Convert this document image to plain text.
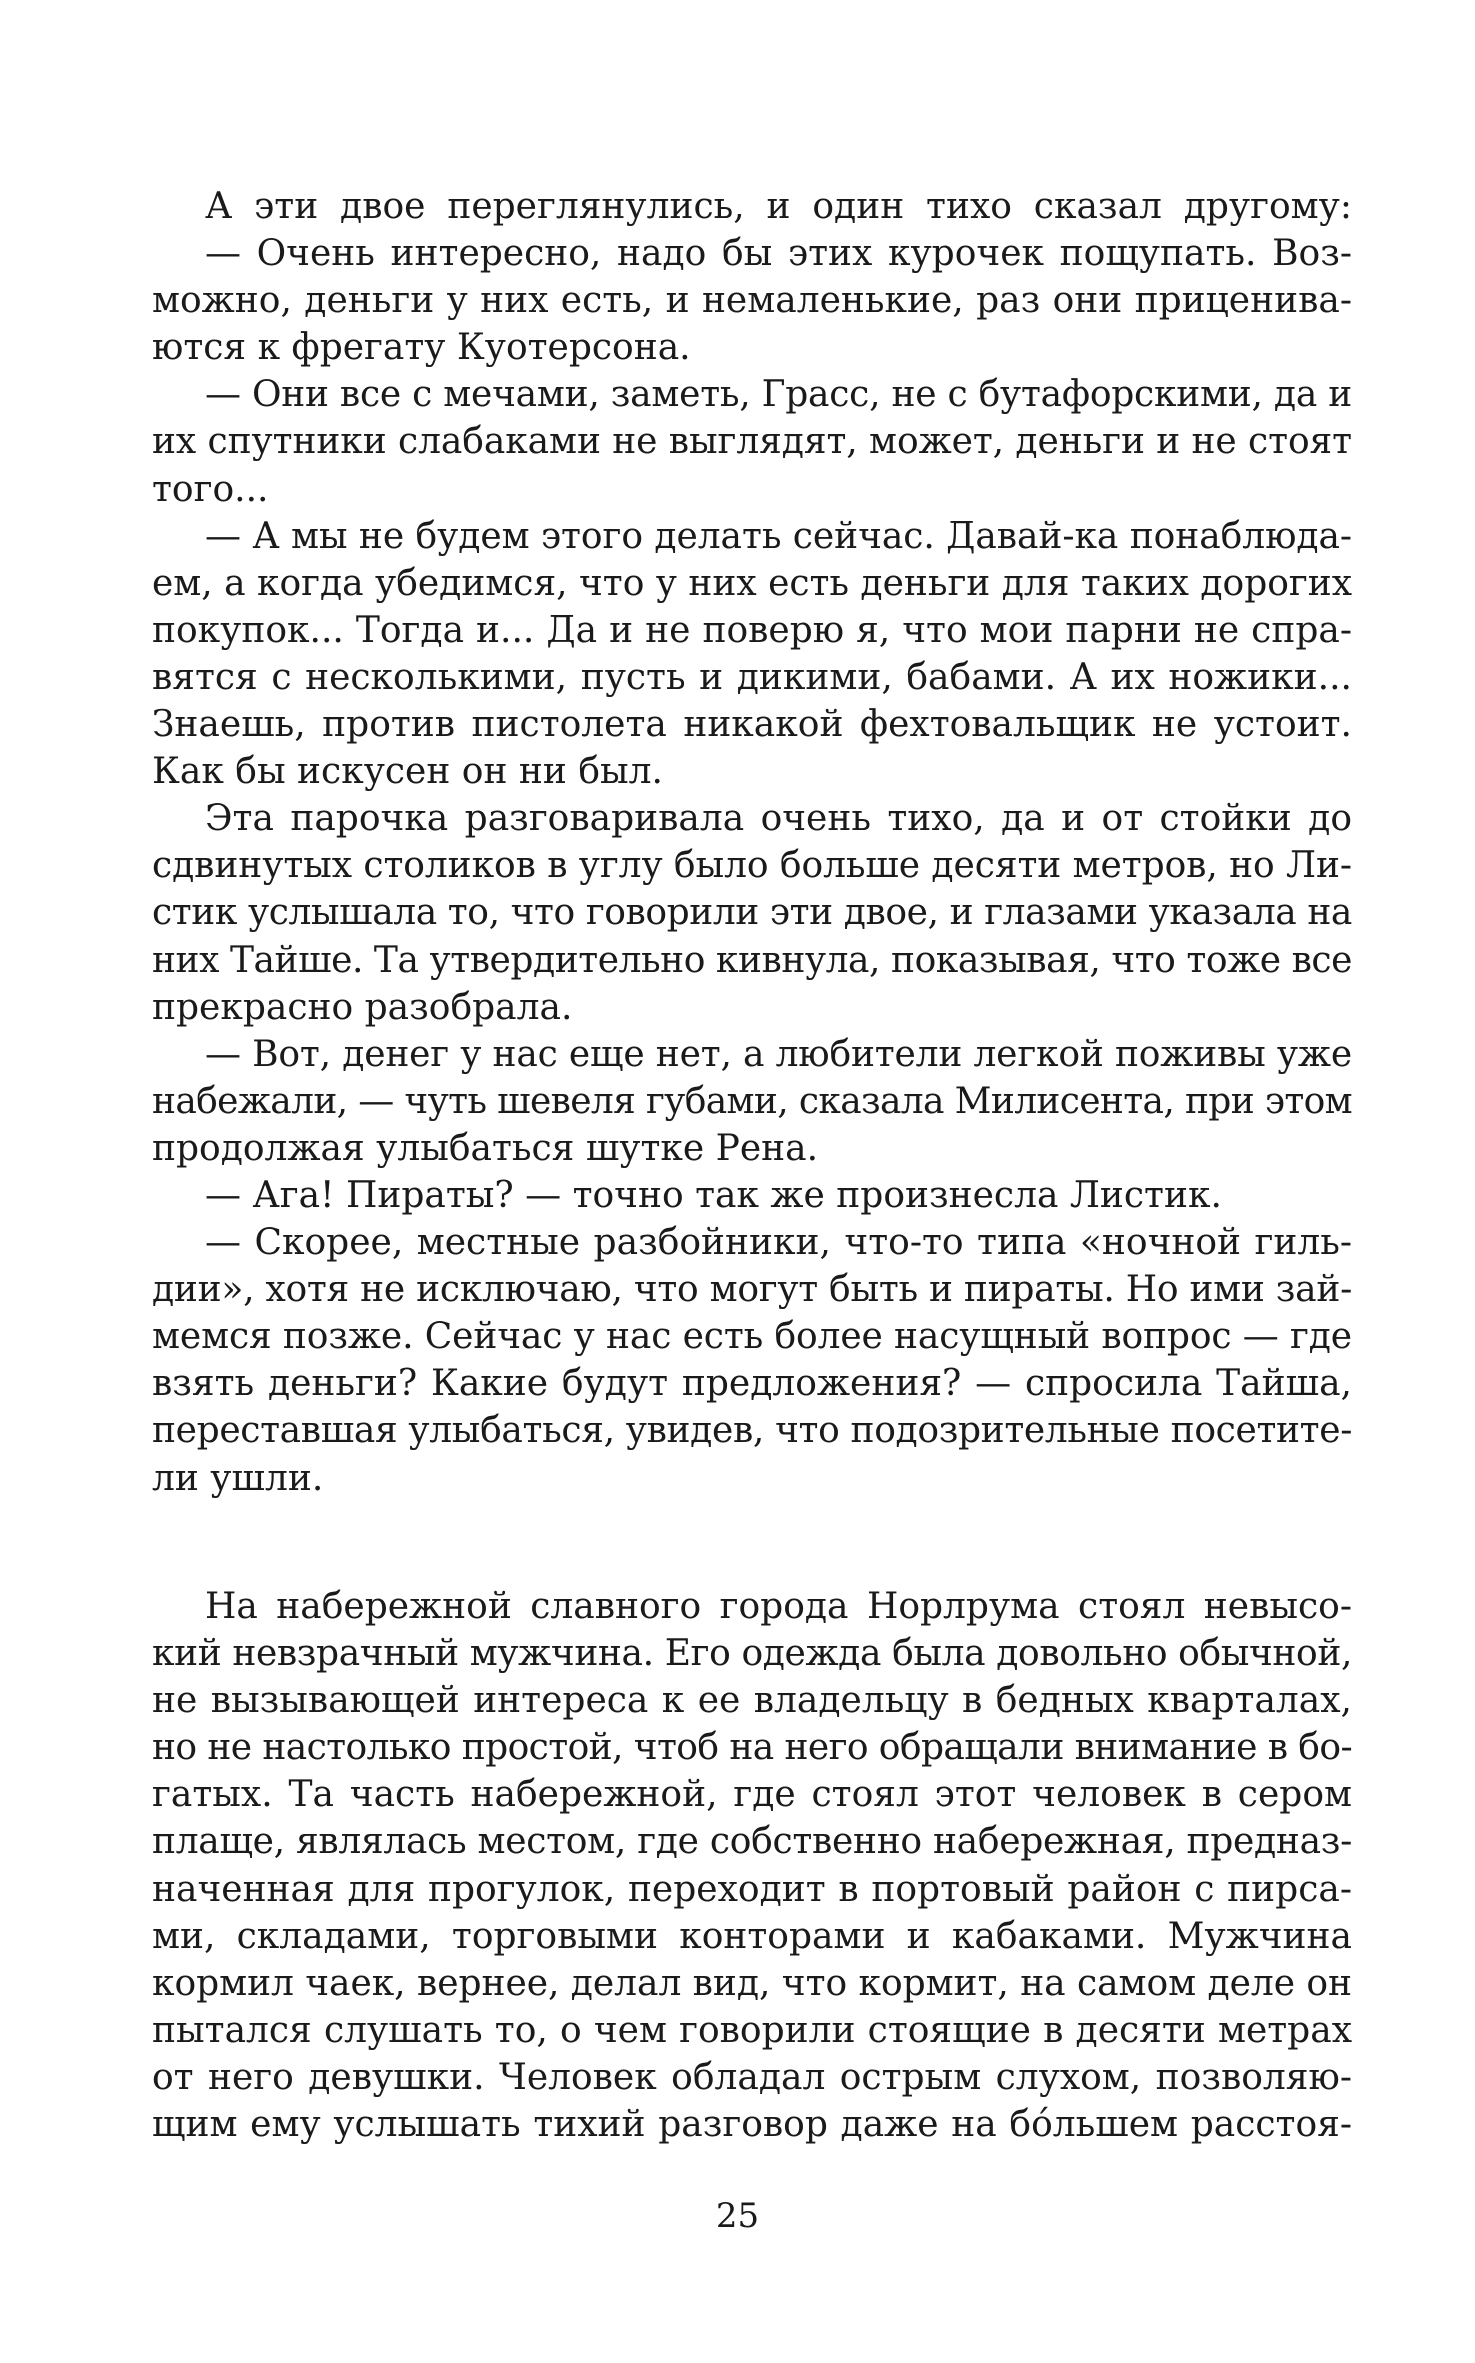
А эти двое переглянулись, и один тихо сказал другому:
— Очень интересно, надо бы этих курочек пощупать. Воз-
можно, деньги у них есть, и немаленькие, раз они прицeнива-
ются к фрегату Куотерсона.
— Они все с мечами, заметь, Грасс, не с бутафорскими, да и
их спутники слабаками не выглядят, может, деньги и не стоят
того...
— А мы не будем этого делать сейчас. Давай-ка понаблюда-
ем, а когда убедимся, что у них есть деньги для таких дорогих
покупок... Тогда и... Да и не поверю я, что мои парни не спра-
вятся с несколькими, пусть и дикими, бабами. А их ножики...
Знаешь, против пистолета никакой фехтовальщик не устоит.
Как бы искусен он ни был.
Эта парочка разговаривала очень тихо, да и от стойки до
сдвинутых столиков в углу было больше десяти метров, но Ли-
стик услышала то, что говорили эти двое, и глазами указала на
них Тайше. Та утвердительно кивнула, показывая, что тоже все
прекрасно разобрала.
— Вот, денег у нас еще нет, а любители легкой поживы уже
набежали, — чуть шевеля губами, сказала Милисента, при этом
продолжая улыбаться шутке Рена.
— Ага! Пираты? — точно так же произнесла Листик.
— Скорее, местные разбойники, что-то типа «ночной гиль-
дии», хотя не исключаю, что могут быть и пираты. Но ими зай-
мемся позже. Сейчас у нас есть более насущный вопрос — где
взять деньги? Какие будут предложения? — спросила Тайша,
переставшая улыбаться, увидев, что подозрительные посетите-
ли ушли.
На набережной славного города Норлрума стоял невысо-
кий невзрачный мужчина. Его одежда была довольно обычной,
не вызывающей интереса к ее владельцу в бедных кварталах,
но не настолько простой, чтоб на него обращали внимание в бо-
гатых. Та часть набережной, где стоял этот человек в сером
плаще, являлась местом, где собственно набережная, предназ-
наченная для прогулок, переходит в портовый район с пирса-
ми, складами, торговыми конторами и кабаками. Мужчина
кормил чаек, вернее, делал вид, что кормит, на самом деле он
пытался слушать то, о чем говорили стоящие в десяти метрах
от него девушки. Человек обладал острым слухом, позволяю-
щим ему услышать тихий разговор даже на бóльшем расстоя-
25
